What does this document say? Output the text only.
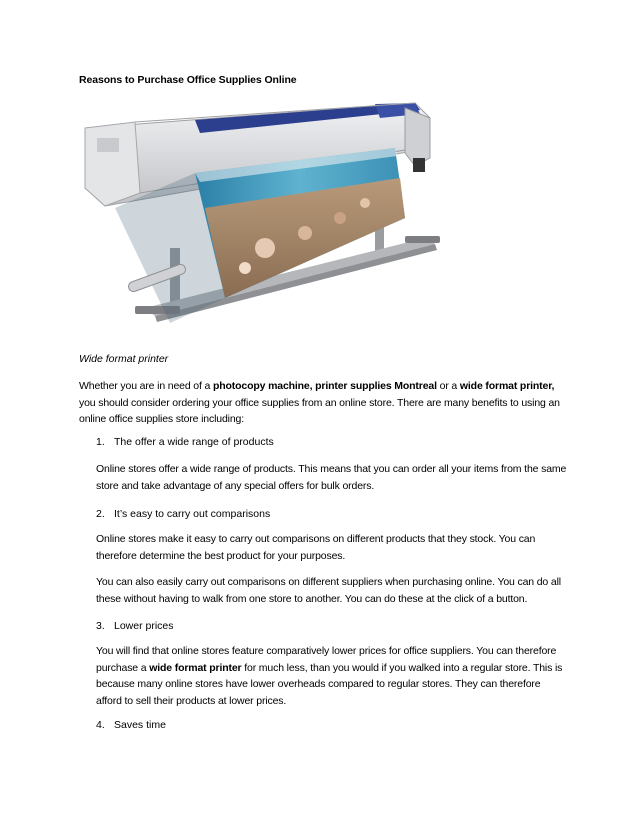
Reasons to Purchase Office Supplies Online
Wide format printer
Whether you are in need of a photocopy machine, printer supplies Montreal or a wide format printer, you should consider ordering your office supplies from an online store. There are many benefits to using an online office supplies store including:
1. The offer a wide range of products
Online stores offer a wide range of products. This means that you can order all your items from the same store and take advantage of any special offers for bulk orders.
2. It’s easy to carry out comparisons
Online stores make it easy to carry out comparisons on different products that they stock. You can therefore determine the best product for your purposes.
You can also easily carry out comparisons on different suppliers when purchasing online. You can do all these without having to walk from one store to another. You can do these at the click of a button.
3. Lower prices
You will find that online stores feature comparatively lower prices for office suppliers. You can therefore purchase a wide format printer for much less, than you would if you walked into a regular store. This is because many online stores have lower overheads compared to regular stores. They can therefore afford to sell their products at lower prices.
4. Saves time
